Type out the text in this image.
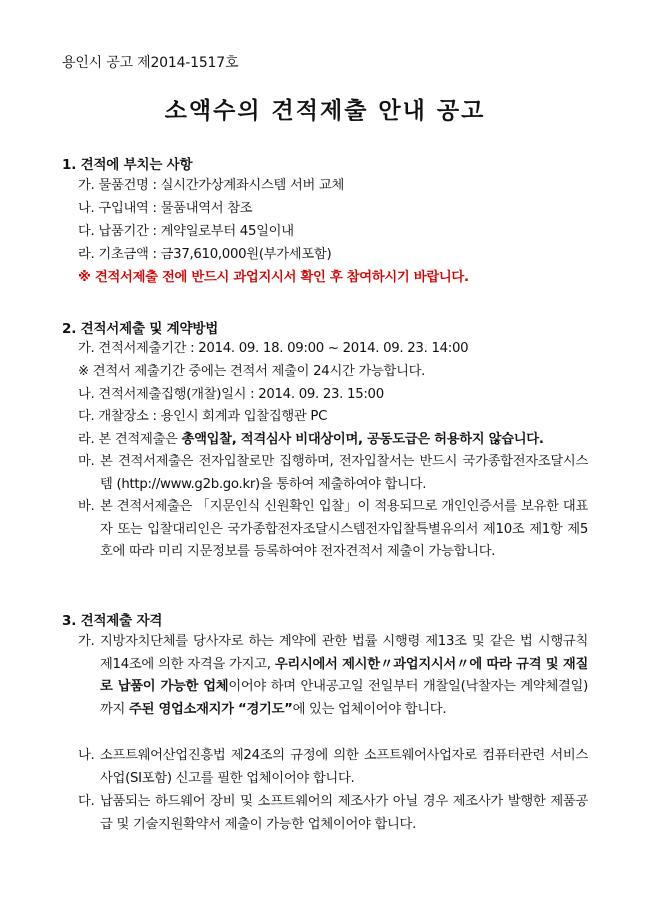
용인시 공고 제2014-1517호
소액수의 견적제출 안내 공고
1. 견적에 부치는 사항
가. 물품건명 : 실시간가상계좌시스템 서버 교체
나. 구입내역 : 물품내역서 참조
다. 납품기간 : 계약일로부터 45일이내
라. 기초금액 : 금37,610,000원(부가세포함)
※ 견적서제출 전에 반드시 과업지시서 확인 후 참여하시기 바랍니다.
2. 견적서제출 및 계약방법
가. 견적서제출기간 : 2014. 09. 18. 09:00 ~ 2014. 09. 23. 14:00
※ 견적서 제출기간 중에는 견적서 제출이 24시간 가능합니다.
나. 견적서제출집행(개찰)일시 : 2014. 09. 23. 15:00
다. 개찰장소 : 용인시 회계과 입찰집행관 PC
라. 본 견적제출은 총액입찰, 적격심사 비대상이며, 공동도급은 허용하지 않습니다.
마. 본 견적서제출은 전자입찰로만 집행하며, 전자입찰서는 반드시 국가종합전자조달시스템 (http://www.g2b.go.kr)을 통하여 제출하여야 합니다.
바. 본 견적서제출은 「지문인식 신원확인 입찰」이 적용되므로 개인인증서를 보유한 대표자 또는 입찰대리인은 국가종합전자조달시스템전자입찰특별유의서 제10조 제1항 제5호에 따라 미리 지문정보를 등록하여야 전자견적서 제출이 가능합니다.
3. 견적제출 자격
가. 지방자치단체를 당사자로 하는 계약에 관한 법률 시행령 제13조 및 같은 법 시행규칙 제14조에 의한 자격을 가지고, 우리시에서 제시한〃과업지시서〃에 따라 규격 및 재질로 납품이 가능한 업체이어야 하며 안내공고일 전일부터 개찰일(낙찰자는 계약체결일)까지 주된 영업소재지가 “경기도”에 있는 업체이어야 합니다.
나. 소프트웨어산업진흥법 제24조의 규정에 의한 소프트웨어사업자로 컴퓨터관련 서비스사업(SI포함) 신고를 필한 업체이어야 합니다.
다. 납품되는 하드웨어 장비 및 소프트웨어의 제조사가 아닐 경우 제조사가 발행한 제품공급 및 기술지원확약서 제출이 가능한 업체이어야 합니다.
